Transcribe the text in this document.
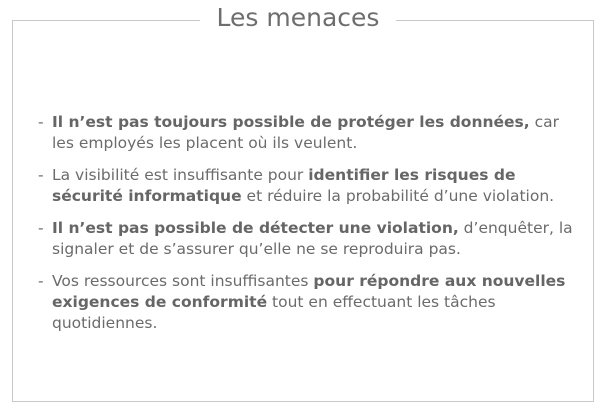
Les menaces
- Il n’est pas toujours possible de protéger les données, car les employés les placent où ils veulent.
- La visibilité est insuffisante pour identifier les risques de sécurité informatique et réduire la probabilité d’une violation.
- Il n’est pas possible de détecter une violation, d’enquêter, la signaler et de s’assurer qu’elle ne se reproduira pas.
- Vos ressources sont insuffisantes pour répondre aux nouvelles exigences de conformité tout en effectuant les tâches quotidiennes.
